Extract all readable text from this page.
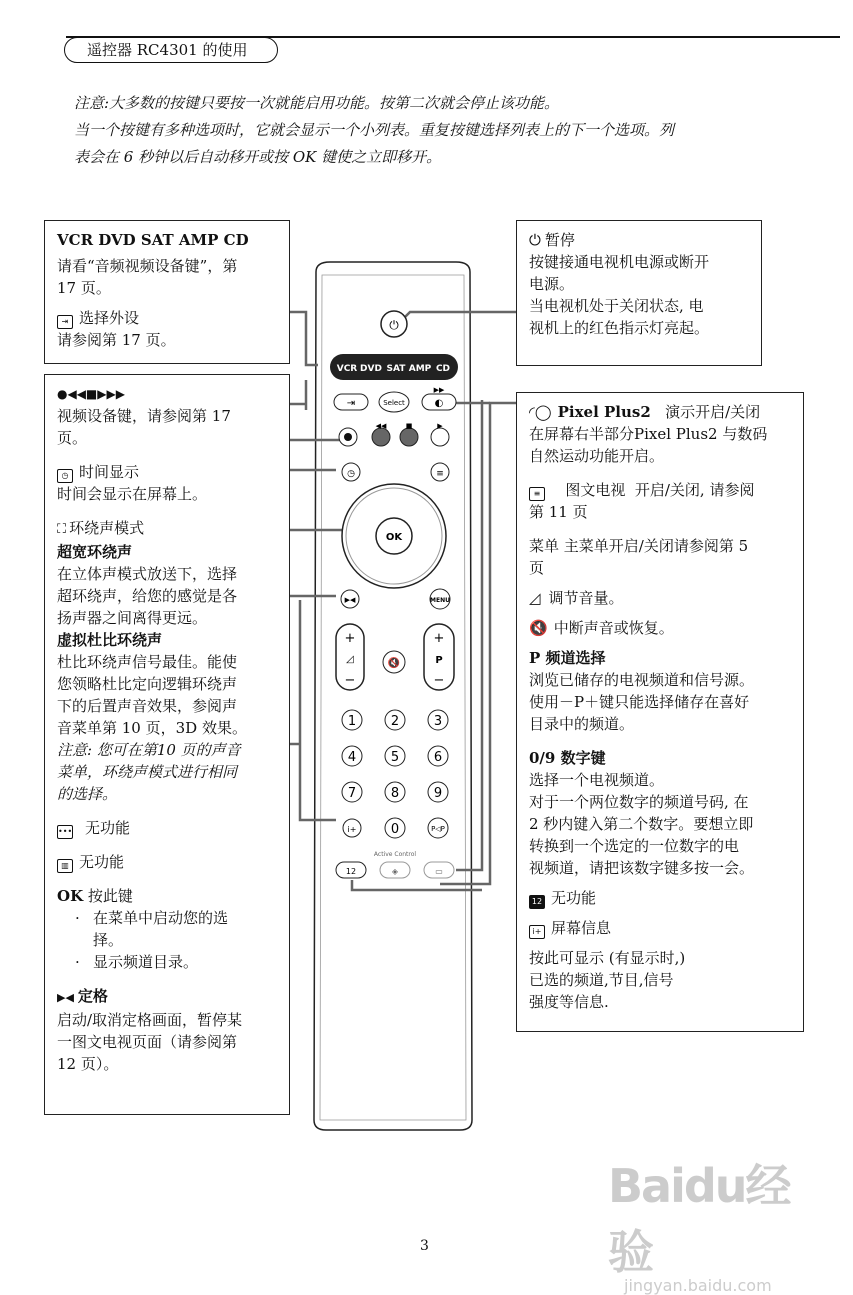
遥控器 RC4301 的使用
注意:大多数的按键只要按一次就能启用功能。按第二次就会停止该功能。
当一个按键有多种选项时，它就会显示一个小列表。重复按键选择列表上的下一个选项。列
表会在 6 秒钟以后自动移开或按 OK 键使之立即移开。

VCR DVD SAT AMP CD

请看“音频视频设备键”，第

17 页。

⇥ 选择外设

请参阅第 17 页。

●◀◀■▶▶▶

视频设备键，请参阅第 17

页。

◷ 时间显示

时间会显示在屏幕上。

⛶ 环绕声模式

超宽环绕声

在立体声模式放送下，选择

超环绕声，给您的感觉是各

扬声器之间离得更远。

虚拟杜比环绕声

杜比环绕声信号最佳。能使

您领略杜比定向逻辑环绕声

下的后置声音效果，参阅声

音菜单第 10 页，3D 效果。

注意: 您可在第10 页的声音

菜单，环绕声模式进行相同

的选择。

••• 无功能

▥ 无功能

OK 按此键

· 在菜单中启动您的选

择。

· 显示频道目录。

▶◀ 定格

启动/取消定格画面，暂停某

一图文电视页面（请参阅第

12 页）。

⏻ 暂停

按键接通电视机电源或断开

电源。

当电视机处于关闭状态, 电

视机上的红色指示灯亮起。

◜◯ Pixel Plus2 演示开启/关闭

在屏幕右半部分Pixel Plus2 与数码

自然运动功能开启。

≡ 图文电视 开启/关闭, 请参阅

第 11 页

菜单 主菜单开启/关闭请参阅第 5

页

◿ 调节音量。

🔇 中断声音或恢复。

P 频道选择

浏览已储存的电视频道和信号源。

使用－P＋键只能选择储存在喜好

目录中的频道。

0/9 数字键

选择一个电视频道。

对于一个两位数字的频道号码, 在

2 秒内键入第二个数字。要想立即

转换到一个选定的一位数字的电

视频道，请把该数字键多按一会。

12 无功能

i+ 屏幕信息

按此可显示 (有显示时,)

已选的频道,节目,信号

强度等信息.

⏻
VCR DVD SAT AMP CD
⇥	Select	◐
▶▶
◀◀	■	▶
◷	≡
OK
▶◀	MENU
+
◿
−
🔇
+
P
−
1	2	3
4	5	6
7	8	9
i+	0	P◁P
Active Control
12	◈	▭
Baidu经验
jingyan.baidu.com
3
